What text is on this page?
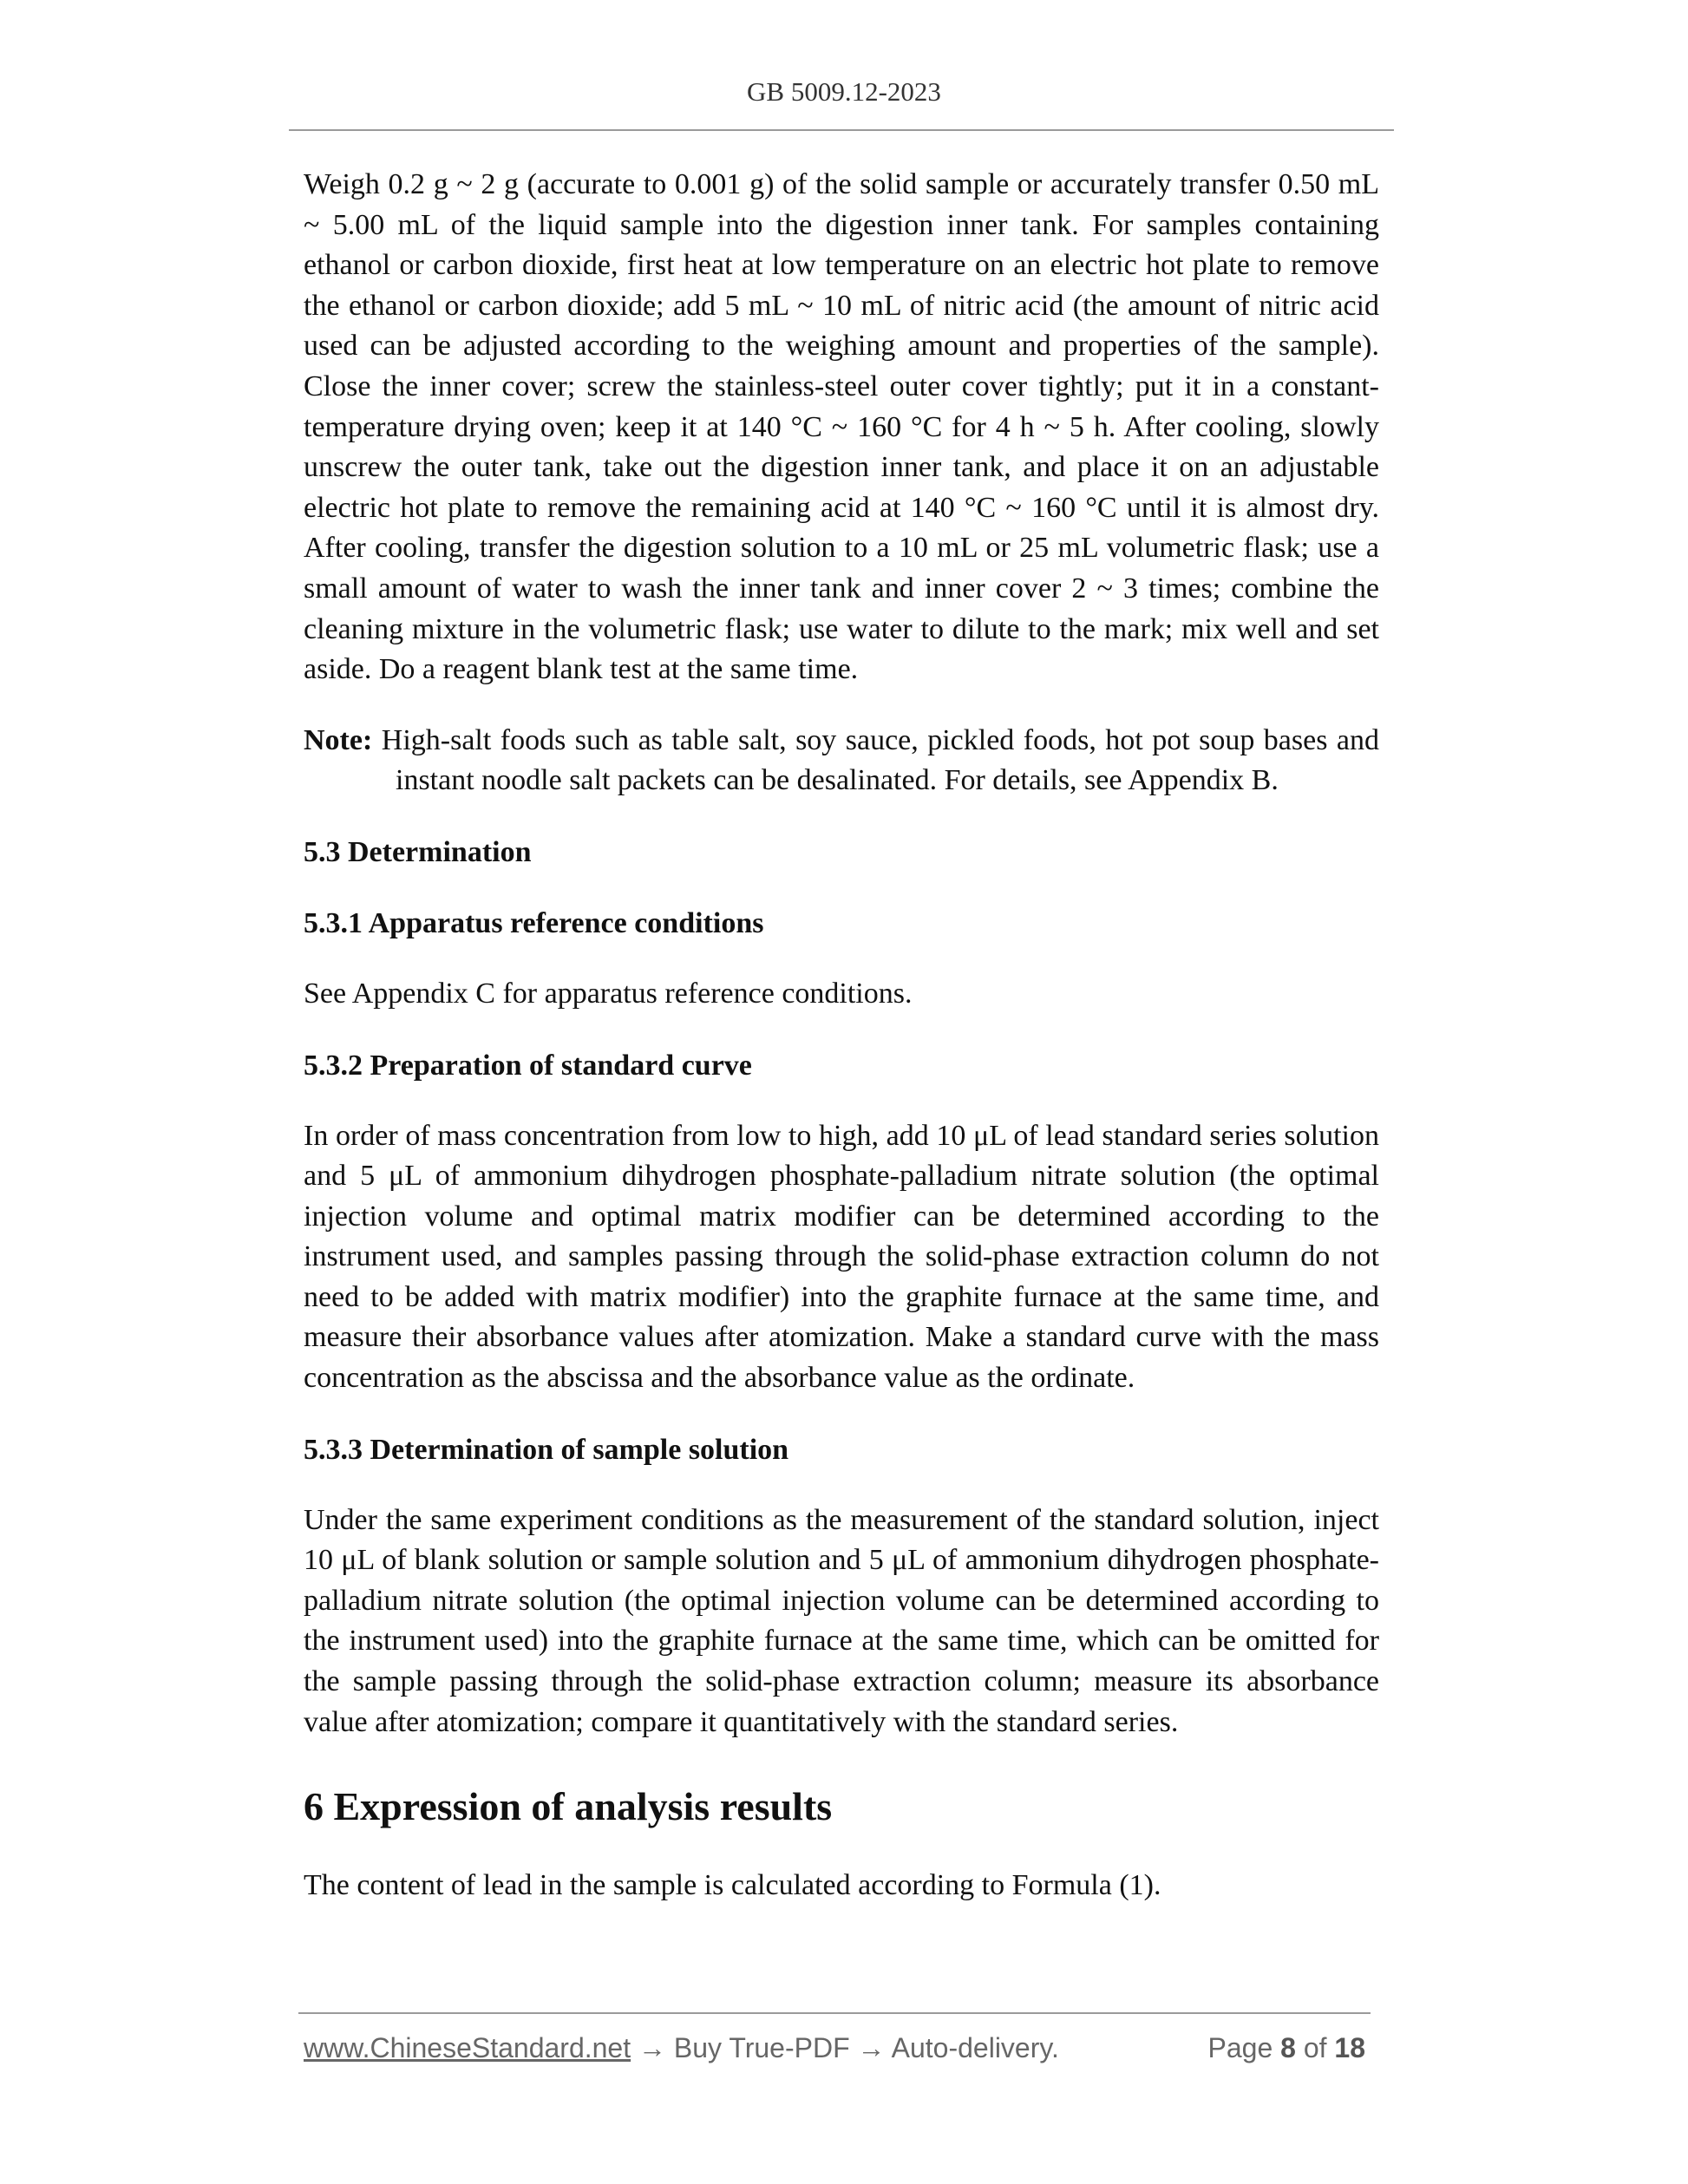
GB 5009.12-2023

Weigh 0.2 g ~ 2 g (accurate to 0.001 g) of the solid sample or accurately transfer 0.50 mL ~ 5.00 mL of the liquid sample into the digestion inner tank. For samples containing ethanol or carbon dioxide, first heat at low temperature on an electric hot plate to remove the ethanol or carbon dioxide; add 5 mL ~ 10 mL of nitric acid (the amount of nitric acid used can be adjusted according to the weighing amount and properties of the sample). Close the inner cover; screw the stainless-steel outer cover tightly; put it in a constant-temperature drying oven; keep it at 140 °C ~ 160 °C for 4 h ~ 5 h. After cooling, slowly unscrew the outer tank, take out the digestion inner tank, and place it on an adjustable electric hot plate to remove the remaining acid at 140 °C ~ 160 °C until it is almost dry. After cooling, transfer the digestion solution to a 10 mL or 25 mL volumetric flask; use a small amount of water to wash the inner tank and inner cover 2 ~ 3 times; combine the cleaning mixture in the volumetric flask; use water to dilute to the mark; mix well and set aside. Do a reagent blank test at the same time.

Note: High-salt foods such as table salt, soy sauce, pickled foods, hot pot soup bases and instant noodle salt packets can be desalinated. For details, see Appendix B.
5.3 Determination
5.3.1 Apparatus reference conditions

See Appendix C for apparatus reference conditions.

5.3.2 Preparation of standard curve

In order of mass concentration from low to high, add 10 μL of lead standard series solution and 5 μL of ammonium dihydrogen phosphate-palladium nitrate solution (the optimal injection volume and optimal matrix modifier can be determined according to the instrument used, and samples passing through the solid-phase extraction column do not need to be added with matrix modifier) into the graphite furnace at the same time, and measure their absorbance values after atomization. Make a standard curve with the mass concentration as the abscissa and the absorbance value as the ordinate.

5.3.3 Determination of sample solution

Under the same experiment conditions as the measurement of the standard solution, inject 10 μL of blank solution or sample solution and 5 μL of ammonium dihydrogen phosphate-palladium nitrate solution (the optimal injection volume can be determined according to the instrument used) into the graphite furnace at the same time, which can be omitted for the sample passing through the solid-phase extraction column; measure its absorbance value after atomization; compare it quantitatively with the standard series.

6 Expression of analysis results

The content of lead in the sample is calculated according to Formula (1).

www.ChineseStandard.net → Buy True-PDF → Auto-delivery.	Page 8 of 18
